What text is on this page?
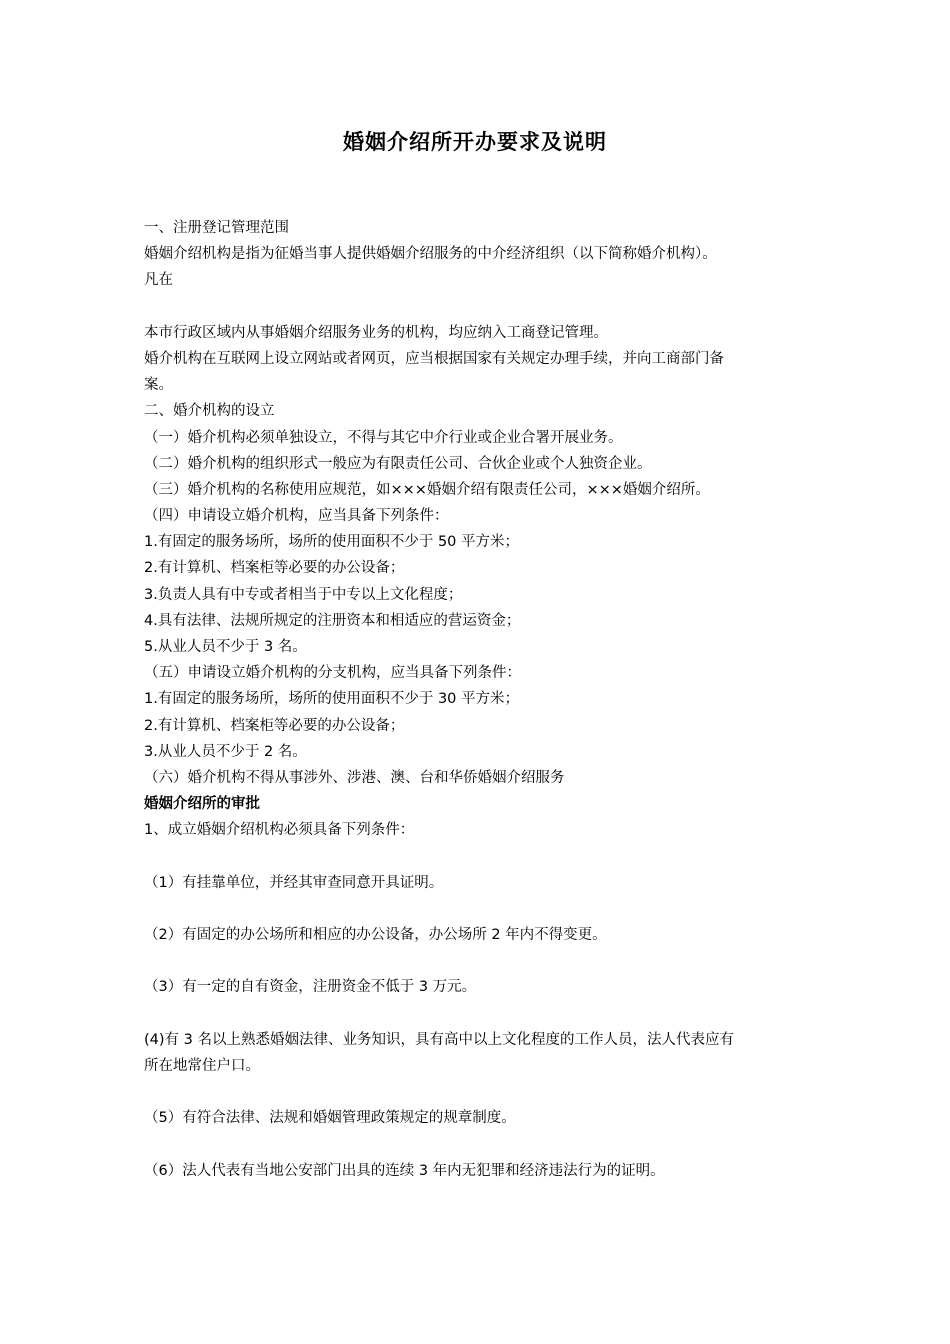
婚姻介绍所开办要求及说明
一、注册登记管理范围
婚姻介绍机构是指为征婚当事人提供婚姻介绍服务的中介经济组织（以下简称婚介机构）。
凡在
本市行政区域内从事婚姻介绍服务业务的机构，均应纳入工商登记管理。
婚介机构在互联网上设立网站或者网页，应当根据国家有关规定办理手续，并向工商部门备
案。
二、婚介机构的设立
（一）婚介机构必须单独设立，不得与其它中介行业或企业合署开展业务。
（二）婚介机构的组织形式一般应为有限责任公司、合伙企业或个人独资企业。
（三）婚介机构的名称使用应规范，如×××婚姻介绍有限责任公司，×××婚姻介绍所。
（四）申请设立婚介机构，应当具备下列条件：
1.有固定的服务场所，场所的使用面积不少于 50 平方米；
2.有计算机、档案柜等必要的办公设备；
3.负责人具有中专或者相当于中专以上文化程度；
4.具有法律、法规所规定的注册资本和相适应的营运资金；
5.从业人员不少于 3 名。
（五）申请设立婚介机构的分支机构，应当具备下列条件：
1.有固定的服务场所，场所的使用面积不少于 30 平方米；
2.有计算机、档案柜等必要的办公设备；
3.从业人员不少于 2 名。
（六）婚介机构不得从事涉外、涉港、澳、台和华侨婚姻介绍服务
婚姻介绍所的审批
1、成立婚姻介绍机构必须具备下列条件：
（1）有挂靠单位，并经其审查同意开具证明。
（2）有固定的办公场所和相应的办公设备，办公场所 2 年内不得变更。
（3）有一定的自有资金，注册资金不低于 3 万元。
(4)有 3 名以上熟悉婚姻法律、业务知识，具有高中以上文化程度的工作人员，法人代表应有
所在地常住户口。
（5）有符合法律、法规和婚姻管理政策规定的规章制度。
（6）法人代表有当地公安部门出具的连续 3 年内无犯罪和经济违法行为的证明。
